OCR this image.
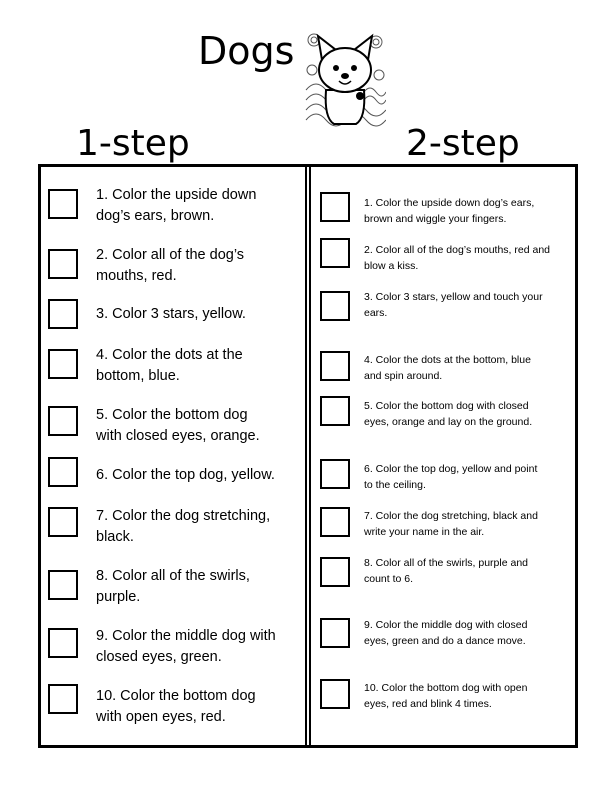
Dogs
1-step	2-step
1. Color the upside down
dog’s ears, brown.
2. Color all of the dog’s
mouths, red.
3. Color 3 stars, yellow.
4. Color the dots at the
bottom, blue.
5. Color the bottom dog
with closed eyes, orange.
6. Color the top dog, yellow.
7. Color the dog stretching,
black.
8. Color all of the swirls,
purple.
9. Color the middle dog with
closed eyes, green.
10. Color the bottom dog
with open eyes, red.
1. Color the upside down dog’s ears,
brown and wiggle your fingers.
2. Color all of the dog’s mouths, red and
blow a kiss.
3. Color 3 stars, yellow and touch your
ears.
4. Color the dots at the bottom, blue
and spin around.
5. Color the bottom dog with closed
eyes, orange and lay on the ground.
6. Color the top dog, yellow and point
to the ceiling.
7. Color the dog stretching, black and
write your name in the air.
8. Color all of the swirls, purple and
count to 6.
9. Color the middle dog with closed
eyes, green and do a dance move.
10. Color the bottom dog with open
eyes, red and blink 4 times.
